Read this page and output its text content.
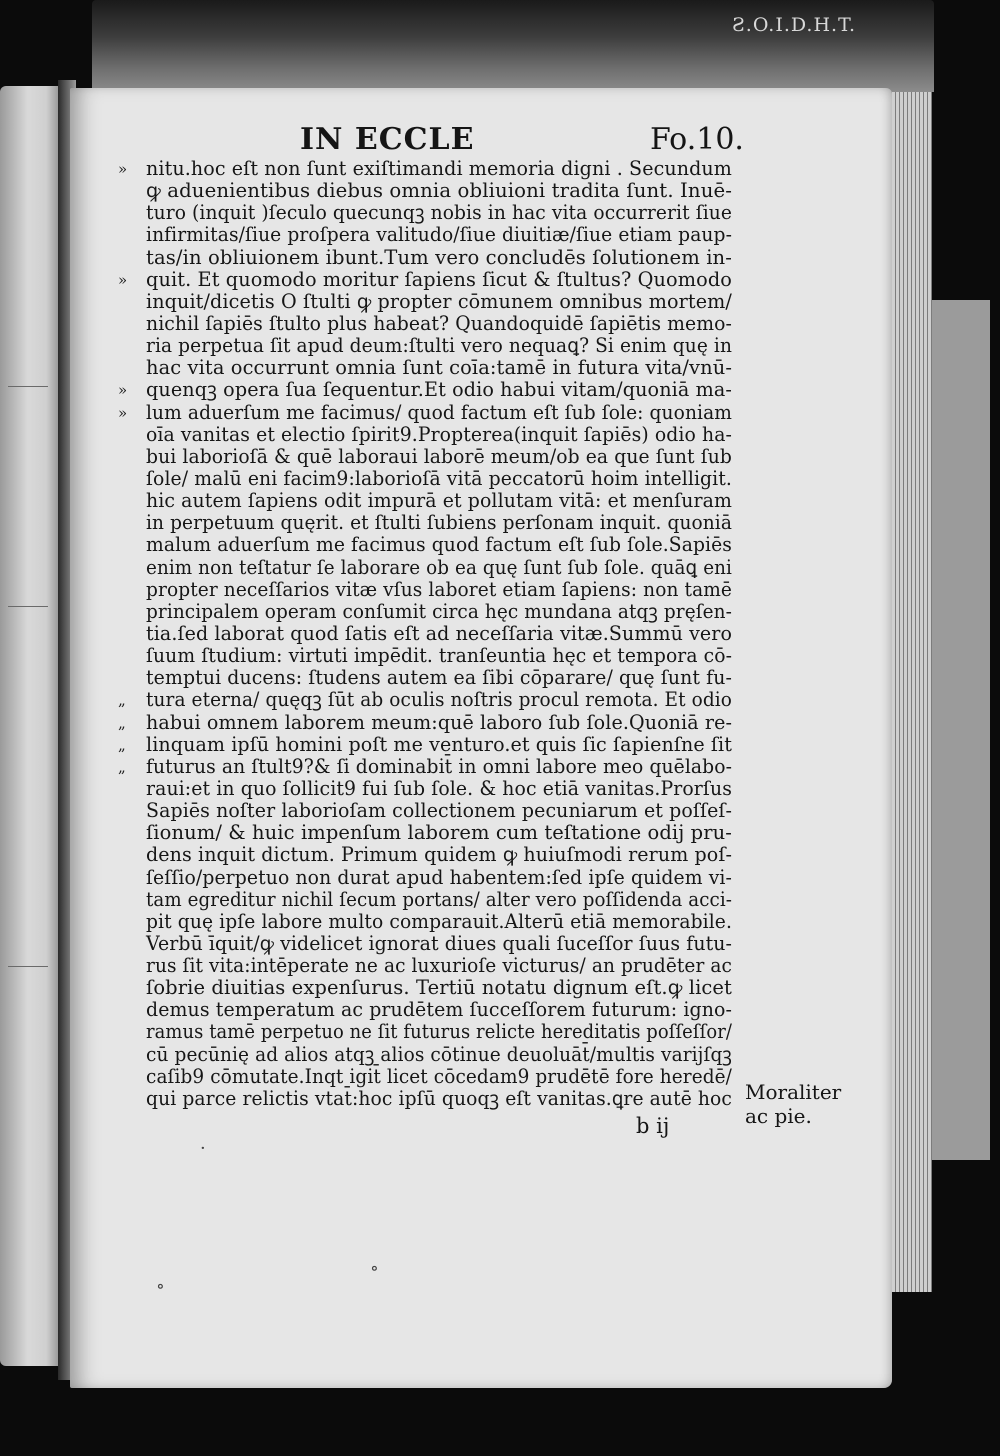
Ƨ.O.I.D.H.T.
IN ECCLE	Fo.10.

» nitu.hoc eſt non ſunt exiſtimandi memoria digni . Secundum
ꝙ aduenientibus diebus omnia obliuioni tradita ſunt. Inuē-
turo (inquit )ſeculo quecunqꝫ nobis in hac vita occurrerit ſiue
infirmitas/ſiue proſpera valitudo/ſiue diuitiæ/ſiue etiam paup-
tas/in obliuionem ibunt.Tum vero concludēs ſolutionem in-
» quit. Et quomodo moritur ſapiens ſicut & ſtultus? Quomodo
inquit/dicetis O ſtulti ꝙ propter cōmunem omnibus mortem/
nichil ſapiēs ſtulto plus habeat? Quandoquidē ſapiētis memo-
ria perpetua ſit apud deum:ſtulti vero nequaꝗ? Si enim quę in
hac vita occurrunt omnia ſunt coīa:tamē in futura vita/vnū-
» quenqꝫ opera ſua ſequentur.Et odio habui vitam/quoniā ma-
» lum aduerſum me facimus/ quod factum eſt ſub ſole: quoniam
oīa vanitas et electio ſpirit9.Propterea(inquit ſapiēs) odio ha-
bui laborioſā & quē laboraui laborē meum/ob ea que ſunt ſub
ſole/ malū eni facim9:laborioſā vitā peccatorū hoim intelligit.
hic autem ſapiens odit impurā et pollutam vitā: et menſuram
in perpetuum quęrit. et ſtulti ſubiens perſonam inquit. quoniā
malum aduerſum me facimus quod factum eſt ſub ſole.Sapiēs
enim non teſtatur ſe laborare ob ea quę ſunt ſub ſole. quāꝗ eni
propter neceſſarios vitæ vſus laboret etiam ſapiens: non tamē
principalem operam conſumit circa hęc mundana atqꝫ pręſen-
tia.ſed laborat quod ſatis eſt ad neceſſaria vitæ.Summū vero
ſuum ſtudium: virtuti impēdit. tranſeuntia hęc et tempora cō-
temptui ducens: ſtudens autem ea ſibi cōparare/ quę ſunt fu-
„ tura eterna/ quęqꝫ ſūt ab oculis noſtris procul remota. Et odio
„ habui omnem laborem meum:quē laboro ſub ſole.Quoniā re-
„ linquam ipſū homini poſt me venturo.et quis ſic ſapienſne ſit
„ futurus an ſtult9?& ſi dominabit̄ in omni labore meo quēlabo-
raui:et in quo ſollicit9 fui ſub ſole. & hoc etiā vanitas.Prorſus
Sapiēs noſter laborioſam collectionem pecuniarum et poſſeſ-
ſionum/ & huic impenſum laborem cum teſtatione odij pru-
dens inquit dictum. Primum quidem ꝙ huiuſmodi rerum poſ-
ſeſſio/perpetuo non durat apud habentem:ſed ipſe quidem vi-
tam egreditur nichil ſecum portans/ alter vero poſſidenda acci-
pit quę ipſe labore multo comparauit.Alterū etiā memorabile.
Verbū īquit/ꝙ videlicet ignorat diues quali ſuceſſor ſuus futu-
rus ſit vita:intēperate ne ac luxurioſe victurus/ an prudēter ac
ſobrie diuitias expenſurus. Tertiū notatu dignum eſt.ꝙ licet
demus temperatum ac prudētem ſucceſſorem futurum: igno-
ramus tamē perpetuo ne ſit futurus relicte hereditatis poſſeſſor/
cū pecūnię ad alios atqꝫ alios cōtinue deuoluāt̄/multis varijſqꝫ
caſib9 cōmutate.Inqt igit̄ licet cōcedam9 prudētē fore heredē/
qui parce relictis vtat̄:hoc ipſū quoqꝫ eſt vanitas.ꝗre autē hoc Moraliter
ac pie.

b ij

·
∘
∘
